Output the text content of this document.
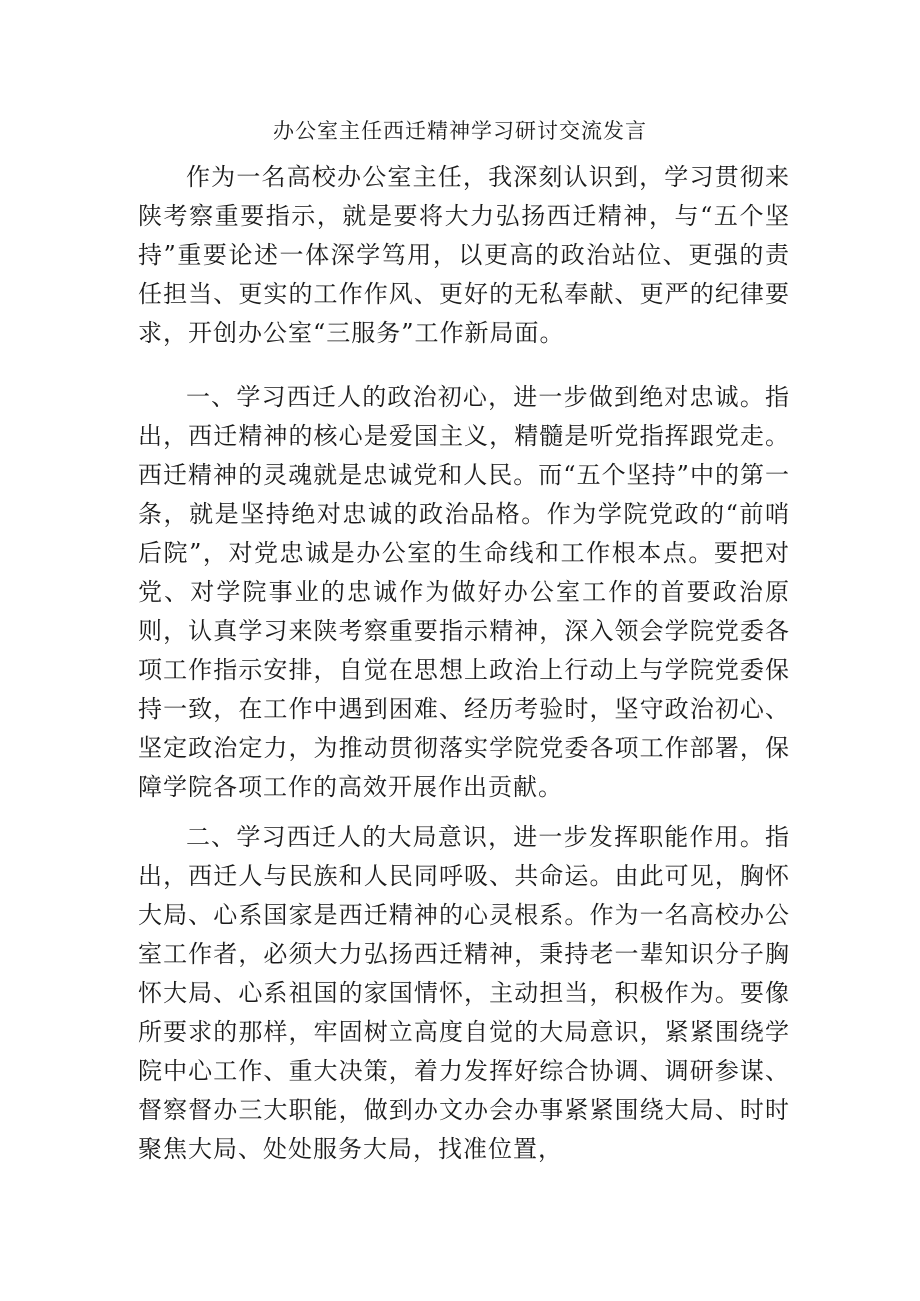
办公室主任西迁精神学习研讨交流发言

作为一名高校办公室主任，我深刻认识到，学习贯彻来陕考察重要指示，就是要将大力弘扬西迁精神，与“五个坚持”重要论述一体深学笃用，以更高的政治站位、更强的责任担当、更实的工作作风、更好的无私奉献、更严的纪律要求，开创办公室“三服务”工作新局面。

一、学习西迁人的政治初心，进一步做到绝对忠诚。指出，西迁精神的核心是爱国主义，精髓是听党指挥跟党走。西迁精神的灵魂就是忠诚党和人民。而“五个坚持”中的第一条，就是坚持绝对忠诚的政治品格。作为学院党政的“前哨后院”，对党忠诚是办公室的生命线和工作根本点。要把对党、对学院事业的忠诚作为做好办公室工作的首要政治原则，认真学习来陕考察重要指示精神，深入领会学院党委各项工作指示安排，自觉在思想上政治上行动上与学院党委保持一致，在工作中遇到困难、经历考验时，坚守政治初心、坚定政治定力，为推动贯彻落实学院党委各项工作部署，保障学院各项工作的高效开展作出贡献。

二、学习西迁人的大局意识，进一步发挥职能作用。指出，西迁人与民族和人民同呼吸、共命运。由此可见，胸怀大局、心系国家是西迁精神的心灵根系。作为一名高校办公室工作者，必须大力弘扬西迁精神，秉持老一辈知识分子胸怀大局、心系祖国的家国情怀，主动担当，积极作为。要像所要求的那样，牢固树立高度自觉的大局意识，紧紧围绕学院中心工作、重大决策，着力发挥好综合协调、调研参谋、督察督办三大职能，做到办文办会办事紧紧围绕大局、时时聚焦大局、处处服务大局，找准位置，
